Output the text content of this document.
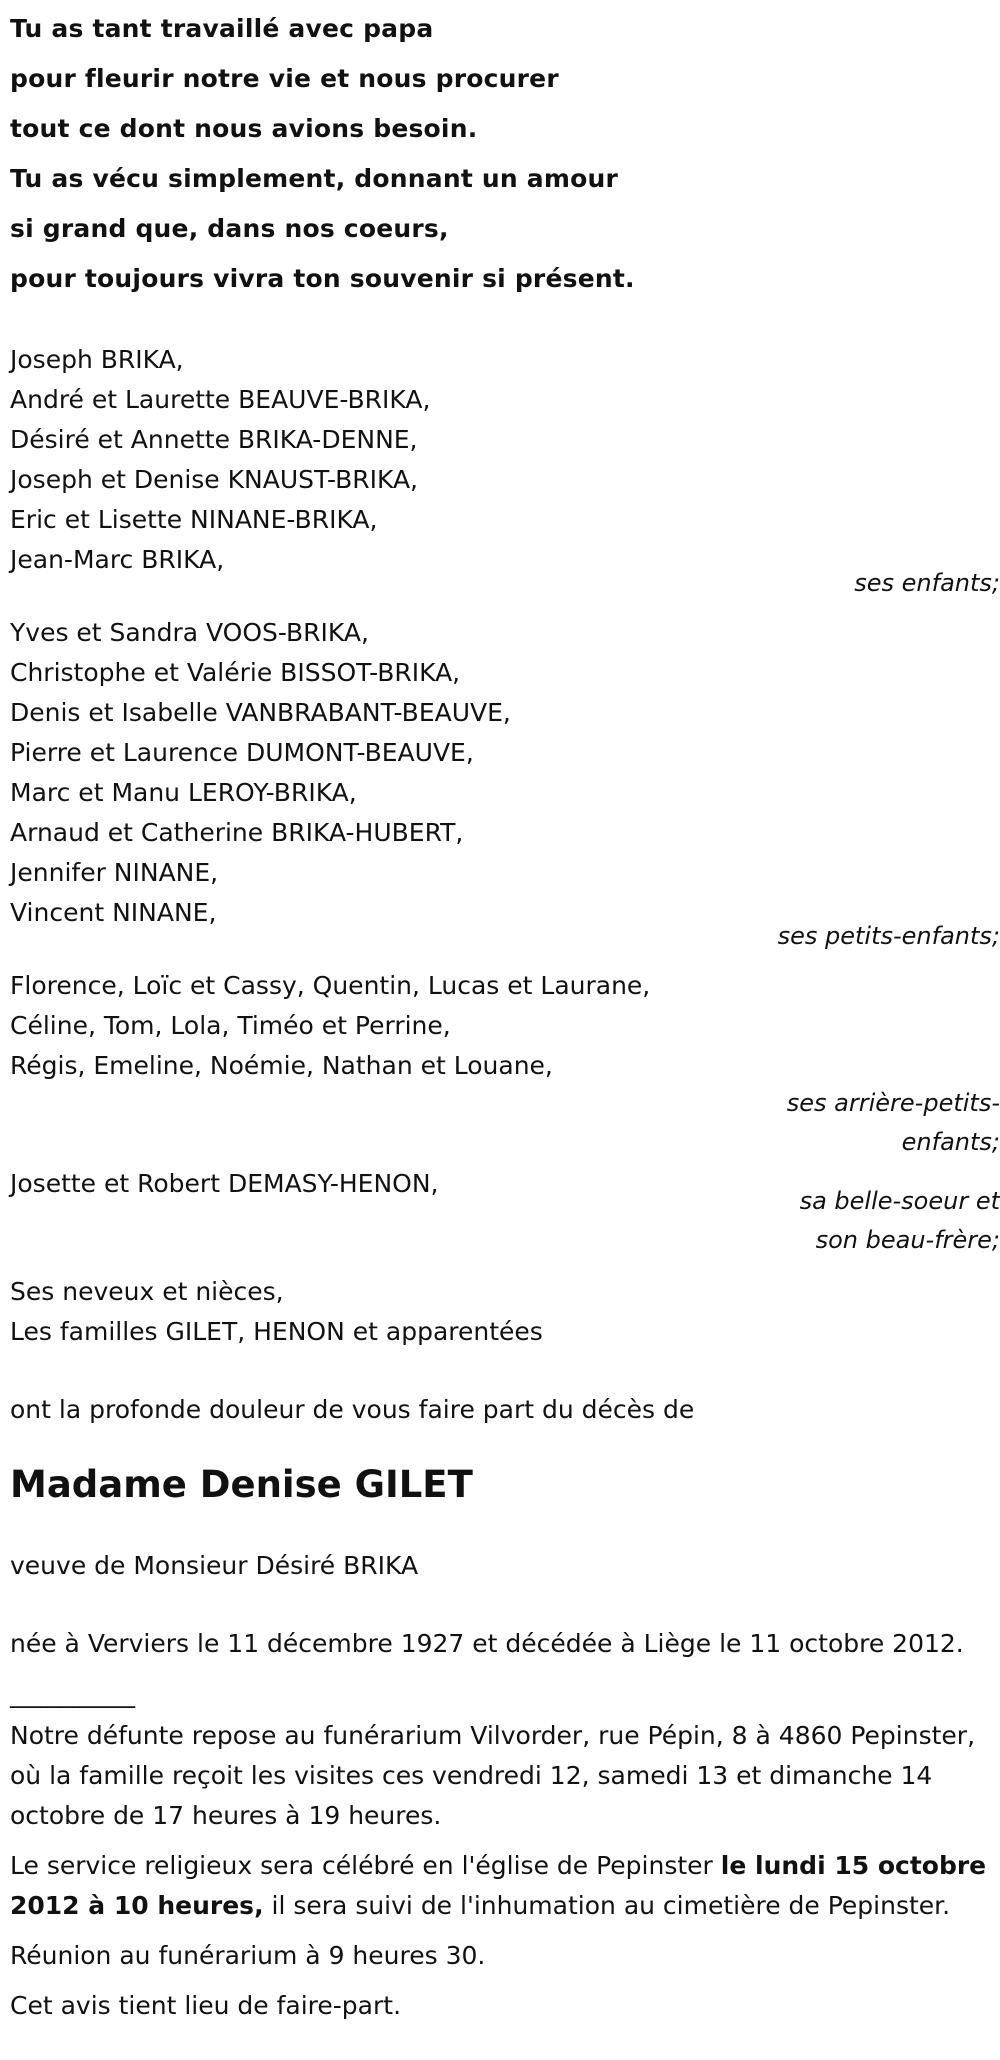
Tu as tant travaillé avec papa
pour fleurir notre vie et nous procurer
tout ce dont nous avions besoin.
Tu as vécu simplement, donnant un amour
si grand que, dans nos coeurs,
pour toujours vivra ton souvenir si présent.
Joseph BRIKA,
André et Laurette BEAUVE-BRIKA,
Désiré et Annette BRIKA-DENNE,
Joseph et Denise KNAUST-BRIKA,
Eric et Lisette NINANE-BRIKA,
Jean-Marc BRIKA,
ses enfants;
Yves et Sandra VOOS-BRIKA,
Christophe et Valérie BISSOT-BRIKA,
Denis et Isabelle VANBRABANT-BEAUVE,
Pierre et Laurence DUMONT-BEAUVE,
Marc et Manu LEROY-BRIKA,
Arnaud et Catherine BRIKA-HUBERT,
Jennifer NINANE,
Vincent NINANE,
ses petits-enfants;
Florence, Loïc et Cassy, Quentin, Lucas et Laurane,
Céline, Tom, Lola, Timéo et Perrine,
Régis, Emeline, Noémie, Nathan et Louane,
ses arrière-petits-
enfants;
Josette et Robert DEMASY-HENON,
sa belle-soeur et
son beau-frère;
Ses neveux et nièces,
Les familles GILET, HENON et apparentées
ont la profonde douleur de vous faire part du décès de
Madame Denise GILET
veuve de Monsieur Désiré BRIKA
née à Verviers le 11 décembre 1927 et décédée à Liège le 11 octobre 2012.
__________
Notre défunte repose au funérarium Vilvorder, rue Pépin, 8 à 4860 Pepinster, où la famille reçoit les visites ces vendredi 12, samedi 13 et dimanche 14 octobre de 17 heures à 19 heures.
Le service religieux sera célébré en l'église de Pepinster le lundi 15 octobre 2012 à 10 heures, il sera suivi de l'inhumation au cimetière de Pepinster.
Réunion au funérarium à 9 heures 30.
Cet avis tient lieu de faire-part.
